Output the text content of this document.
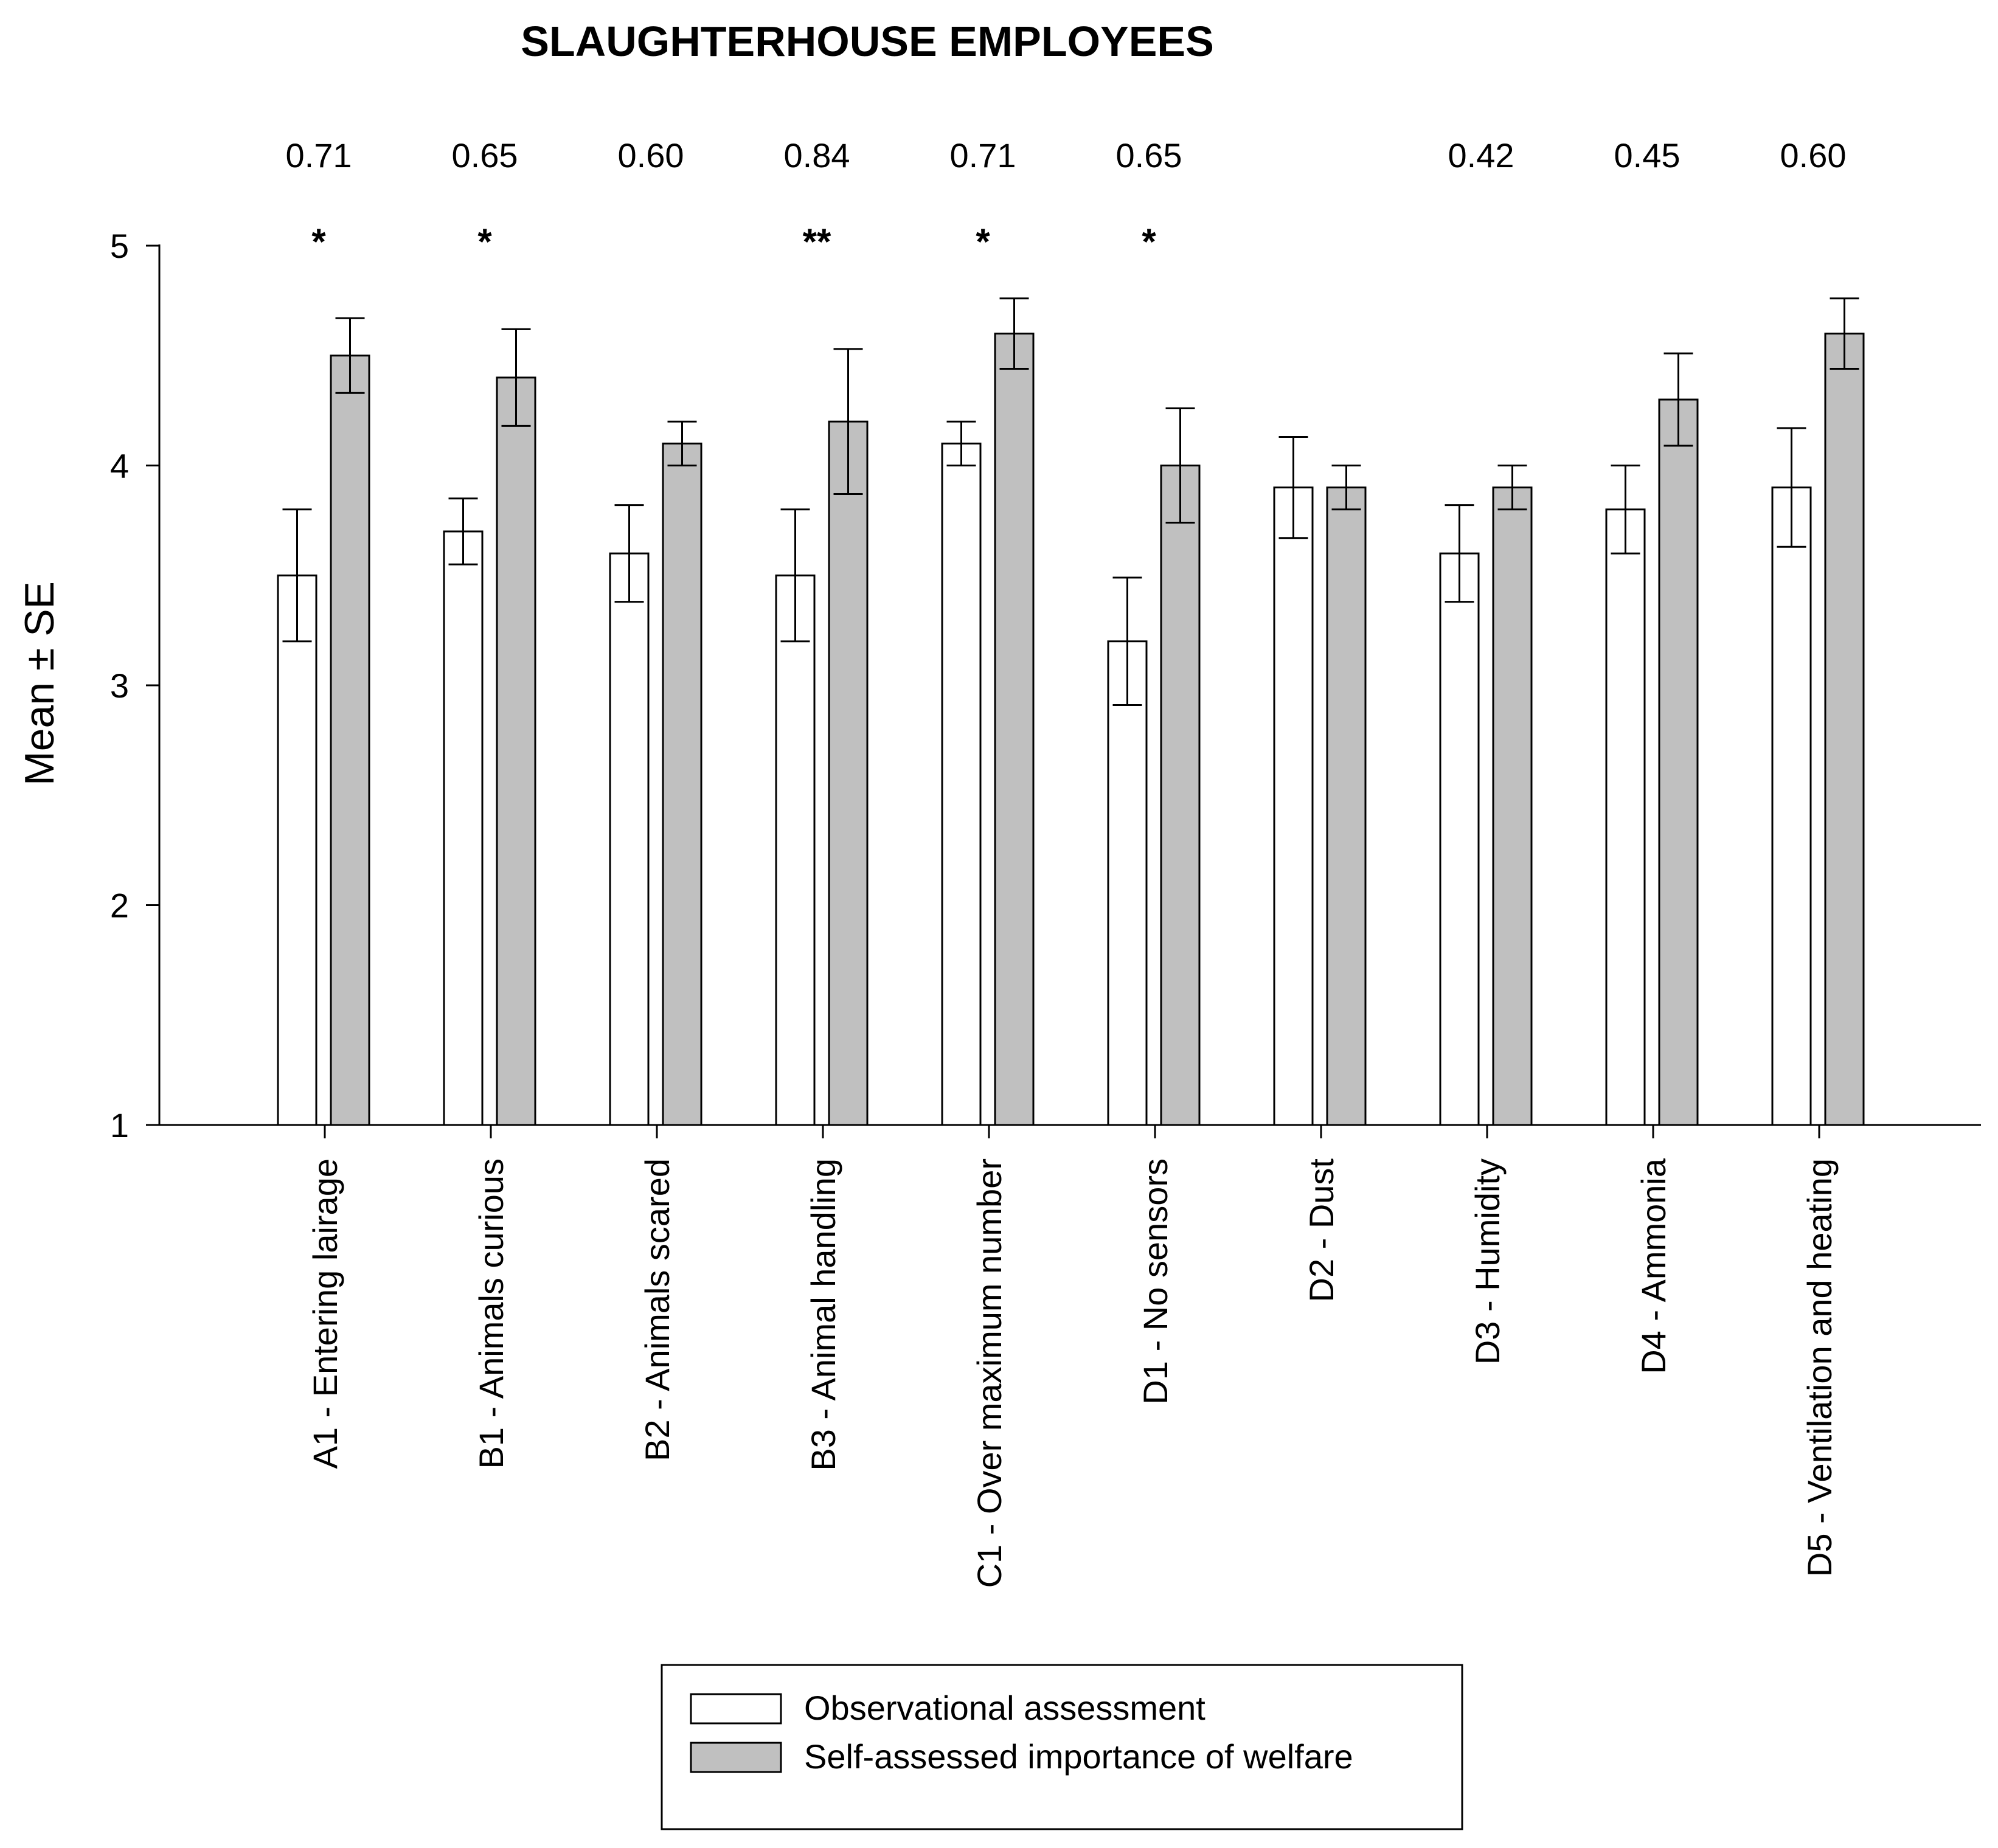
SLAUGHTERHOUSE EMPLOYEES
Mean ± SE
1
2
3
4
5
A1 - Entering lairage
0.71
*
B1 - Animals curious
0.65
*
B2 - Animals scared
0.60
B3 - Animal handling
0.84
**
C1 - Over maximum number
0.71
*
D1 - No sensors
0.65
*
D2 - Dust	D3 - Humidity
0.42
D4 - Ammonia
0.45
D5 - Ventilation and heating
0.60
Observational assessment
Self-assessed importance of welfare
